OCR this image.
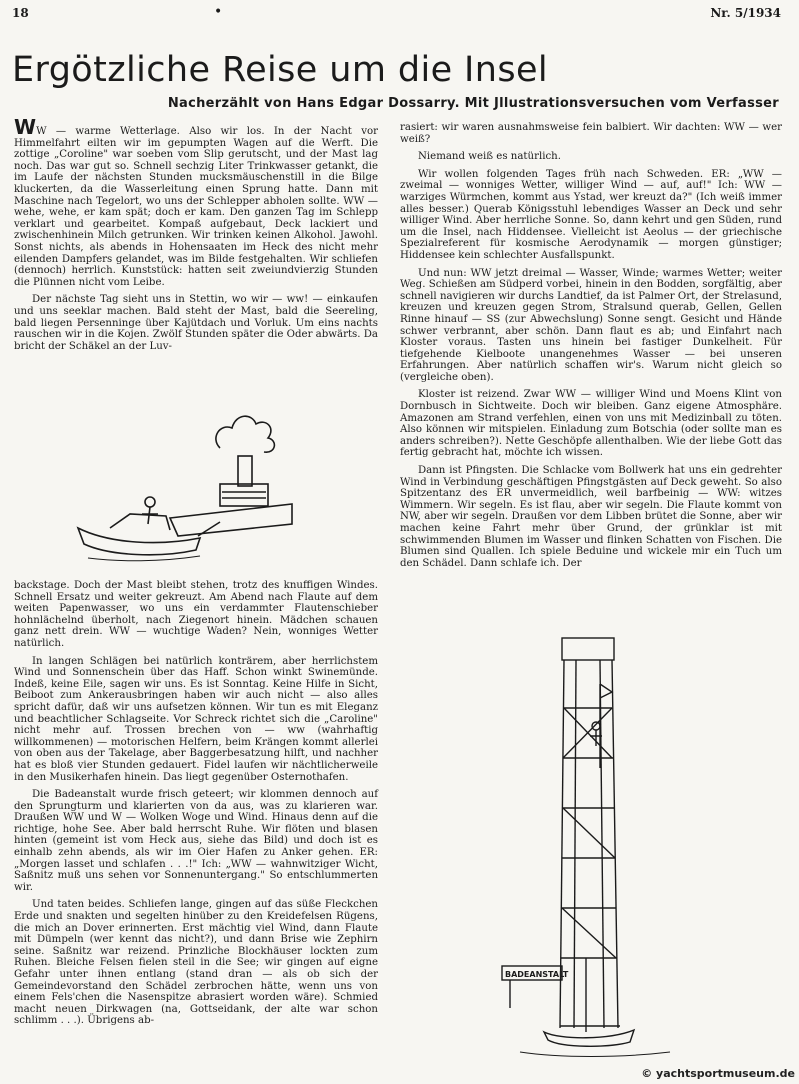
18	•	Nr. 5/1934
Ergötzliche Reise um die Insel
Nacherzählt von Hans Edgar Dossarry. Mit Jllustrationsversuchen vom Verfasser

WW — warme Wetterlage. Also wir los. In der Nacht vor Himmelfahrt eilten wir im gepumpten Wagen auf die Werft. Die zottige „Coroline" war soeben vom Slip gerutscht, und der Mast lag noch. Das war gut so. Schnell sechzig Liter Trinkwasser getankt, die im Laufe der nächsten Stunden mucksmäuschenstill in die Bilge kluckerten, da die Wasserleitung einen Sprung hatte. Dann mit Maschine nach Tegelort, wo uns der Schlepper abholen sollte. WW — wehe, wehe, er kam spät; doch er kam. Den ganzen Tag im Schlepp verklart und gearbeitet. Kompaß aufgebaut, Deck lackiert und zwischenhinein Milch getrunken. Wir trinken keinen Alkohol. Jawohl. Sonst nichts, als abends in Hohensaaten im Heck des nicht mehr eilenden Dampfers gelandet, was im Bilde festgehalten. Wir schliefen (dennoch) herrlich. Kunststück: hatten seit zweiundvierzig Stunden die Plünnen nicht vom Leibe.

Der nächste Tag sieht uns in Stettin, wo wir — ww! — einkaufen und uns seeklar machen. Bald steht der Mast, bald die Seereling, bald liegen Persenninge über Kajütdach und Vorluk. Um eins nachts rauschen wir in die Kojen. Zwölf Stunden später die Oder abwärts. Da bricht der Schäkel an der Luv-

backstage. Doch der Mast bleibt stehen, trotz des knuffigen Windes. Schnell Ersatz und weiter gekreuzt. Am Abend nach Flaute auf dem weiten Papenwasser, wo uns ein verdammter Flautenschieber hohnlächelnd überholt, nach Ziegenort hinein. Mädchen schauen ganz nett drein. WW — wuchtige Waden? Nein, wonniges Wetter natürlich.

In langen Schlägen bei natürlich konträrem, aber herrlichstem Wind und Sonnenschein über das Haff. Schon winkt Swinemünde. Indeß, keine Eile, sagen wir uns. Es ist Sonntag. Keine Hilfe in Sicht, Beiboot zum Ankerausbringen haben wir auch nicht — also alles spricht dafür, daß wir uns aufsetzen können. Wir tun es mit Eleganz und beachtlicher Schlagseite. Vor Schreck richtet sich die „Caroline" nicht mehr auf. Trossen brechen von — ww (wahrhaftig willkommenen) — motorischen Helfern, beim Krängen kommt allerlei von oben aus der Takelage, aber Baggerbesatzung hilft, und nachher hat es bloß vier Stunden gedauert. Fidel laufen wir nächtlicherweile in den Musikerhafen hinein. Das liegt gegenüber Osternothafen.

Die Badeanstalt wurde frisch geteert; wir klommen dennoch auf den Sprungturm und klarierten von da aus, was zu klarieren war. Draußen WW und W — Wolken Woge und Wind. Hinaus denn auf die richtige, hohe See. Aber bald herrscht Ruhe. Wir flöten und blasen hinten (gemeint ist vom Heck aus, siehe das Bild) und doch ist es einhalb zehn abends, als wir im Oier Hafen zu Anker gehen. ER: „Morgen lasset und schlafen . . .!" Ich: „WW — wahnwitziger Wicht, Saßnitz muß uns sehen vor Sonnenuntergang." So entschlummerten wir.

Und taten beides. Schliefen lange, gingen auf das süße Fleckchen Erde und snakten und segelten hinüber zu den Kreidefelsen Rügens, die mich an Dover erinnerten. Erst mächtig viel Wind, dann Flaute mit Dümpeln (wer kennt das nicht?), und dann Brise wie Zephirn seine. Saßnitz war reizend. Prinzliche Blockhäuser lockten zum Ruhen. Bleiche Felsen fielen steil in die See; wir gingen auf eigne Gefahr unter ihnen entlang (stand dran — als ob sich der Gemeindevorstand den Schädel zerbrochen hätte, wenn uns von einem Fels'chen die Nasenspitze abrasiert worden wäre). Schmied macht neuen Dirkwagen (na, Gottseidank, der alte war schon schlimm . . .). Übrigens ab-

rasiert: wir waren ausnahmsweise fein balbiert. Wir dachten: WW — wer weiß?

Niemand weiß es natürlich.

Wir wollen folgenden Tages früh nach Schweden. ER: „WW — zweimal — wonniges Wetter, williger Wind — auf, auf!" Ich: WW — warziges Würmchen, kommt aus Ystad, wer kreuzt da?" (Ich weiß immer alles besser.) Querab Königsstuhl lebendiges Wasser an Deck und sehr williger Wind. Aber herrliche Sonne. So, dann kehrt und gen Süden, rund um die Insel, nach Hiddensee. Vielleicht ist Aeolus — der griechische Spezialreferent für kosmische Aerodynamik — morgen günstiger; Hiddensee kein schlechter Ausfallspunkt.

Und nun: WW jetzt dreimal — Wasser, Winde; warmes Wetter; weiter Weg. Schießen am Südperd vorbei, hinein in den Bodden, sorgfältig, aber schnell navigieren wir durchs Landtief, da ist Palmer Ort, der Strelasund, kreuzen und kreuzen gegen Strom, Stralsund querab, Gellen, Gellen Rinne hinauf — SS (zur Abwechslung) Sonne sengt. Gesicht und Hände schwer verbrannt, aber schön. Dann flaut es ab; und Einfahrt nach Kloster voraus. Tasten uns hinein bei fastiger Dunkelheit. Für tiefgehende Kielboote unangenehmes Wasser — bei unseren Erfahrungen. Aber natürlich schaffen wir's. Warum nicht gleich so (vergleiche oben).

Kloster ist reizend. Zwar WW — williger Wind und Moens Klint von Dornbusch in Sichtweite. Doch wir bleiben. Ganz eigene Atmosphäre. Amazonen am Strand verfehlen, einen von uns mit Medizinball zu töten. Also können wir mitspielen. Einladung zum Botschia (oder sollte man es anders schreiben?). Nette Geschöpfe allenthalben. Wie der liebe Gott das fertig gebracht hat, möchte ich wissen.

Dann ist Pfingsten. Die Schlacke vom Bollwerk hat uns ein gedrehter Wind in Verbindung geschäftigen Pfingstgästen auf Deck geweht. So also Spitzentanz des ER unvermeidlich, weil barfbeinig — WW: witzes Wimmern. Wir segeln. Es ist flau, aber wir segeln. Die Flaute kommt von NW, aber wir segeln. Draußen vor dem Libben brütet die Sonne, aber wir machen keine Fahrt mehr über Grund, der grünklar ist mit schwimmenden Blumen im Wasser und flinken Schatten von Fischen. Die Blumen sind Quallen. Ich spiele Beduine und wickele mir ein Tuch um den Schädel. Dann schlafe ich. Der

BADEANSTALT
© yachtsportmuseum.de
